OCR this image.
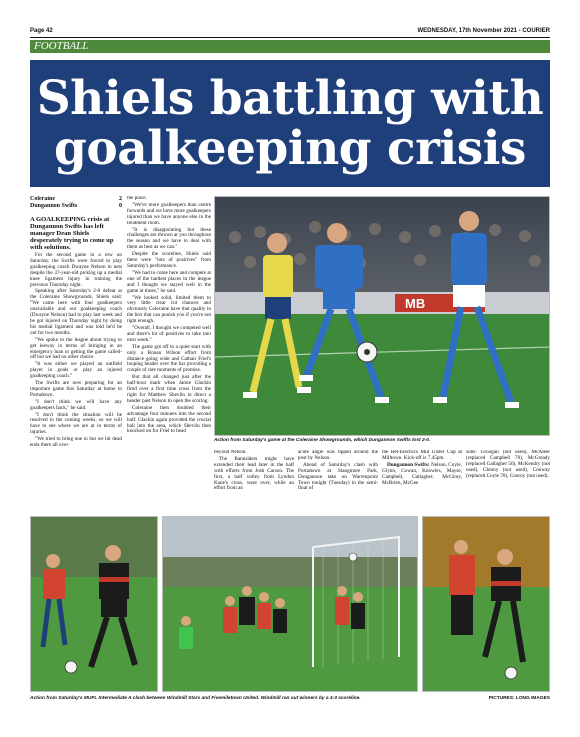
Page 42	WEDNESDAY, 17th November 2021 - COURIER
FOOTBALL
Shiels battling with
goalkeeping crisis
Coleraine	2
Dungannon Swifts	0

A GOALKEEPING crisis at Dungannon Swifts has left manager Dean Shiels desperately trying to come up with solutions.

For the second game in a row on Saturday, the Swifts were forced to play goalkeeping coach Dwayne Nelson in nets despite the 37-year-old picking up a medial knee ligament injury in training the previous Thursday night.

Speaking after Saturday's 2-0 defeat at the Coleraine Showgrounds, Shiels said: "We came here with four goalkeepers unavailable and our goalkeeping coach (Dwayne Nelson) had to play last week and he got injured on Thursday night by doing his medial ligament and was told he'd be out for two months.

"We spoke to the league about trying to get leeway in terms of bringing in an emergency loan or getting the game called-off but we had no other choice.

"It was either we played an outfield player in goals or play an injured goalkeeping coach."

The Swifts are now preparing for an important game this Saturday at home to Portadown.

"I don't think we will have any goalkeepers back," he said.

"I don't think the situation will be resolved in the coming weeks, so we will have to see where we are at in terms of injuries.

"We tried to bring one in but we hit dead ends there all over

the place.

"We've more goalkeepers than centre forwards and we have more goalkeepers injured than we have anyone else in the treatment room.

"It is disappointing but these challenges are thrown at you throughout the season and we have to deal with them as best as we can."

Despite the scoreline, Shiels said there were "lots of positives" from Saturday's performance.

"We had to come here and compete at one of the hardest places in the league and I thought we stayed well in the game at times," he said.

"We looked solid, limited them to very little clear cut chances and obviously Coleraine have that quality in the box that can punish you if you're not tight enough.

"Overall, I thought we competed well and there's lot of positives to take into next week."

The game got off to a quiet start with only a Ronan Wilson effort from distance going wide and Cathair Friel's looping header over the bar providing a couple of rare moments of promise.

But that all changed just after the half-hour mark when Jamie Glackin fired over a first time cross from the right for Matthew Shevlin to direct a header past Nelson to open the scoring.

Coleraine then doubled their advantage four minutes into the second half. Glackin again provided the crucial ball into the area, which Shevlin then knocked on for Friel to head

MB
Action from Saturday's game at the Coleraine Showgrounds, which Dungannon Swifts lost 2-0.

beyond Nelson.

The Bannsiders might have extended their lead later in the half with efforts from Josh Carson. The first, a half volley from Lyndon Kane's cross, went over, while an effort from an

acute angle was tipped around the post by Nelson.

Ahead of Saturday's clash with Portadown at Stangmore Park, Dungannon take on Warrenpoint Town tonight (Tuesday) in the semi-final of

the Bet-Electrics Mid Ulster Cup at Milltown. Kick-off is 7.45pm.

Dungannon Swifts: Nelson, Coyle, Glynn, Cowan, Knowles, Mayse, Campbell, Gallagher, McGinty, McBrien, McGee

subs: Groogan (not used), McAleer (replaced Campbell 78), McGready (replaced Gallagher 56), McKendry (not used), Glenny (not used), Conway (replaced Coyle 78), Conroy (not used).

Action from Saturday's MUFL Intermediate A clash between Windmill Stars and Fivemiletown United. Windmill ran out winners by a 4-3 scoreline.	PICTURES: LONG IMAGES
